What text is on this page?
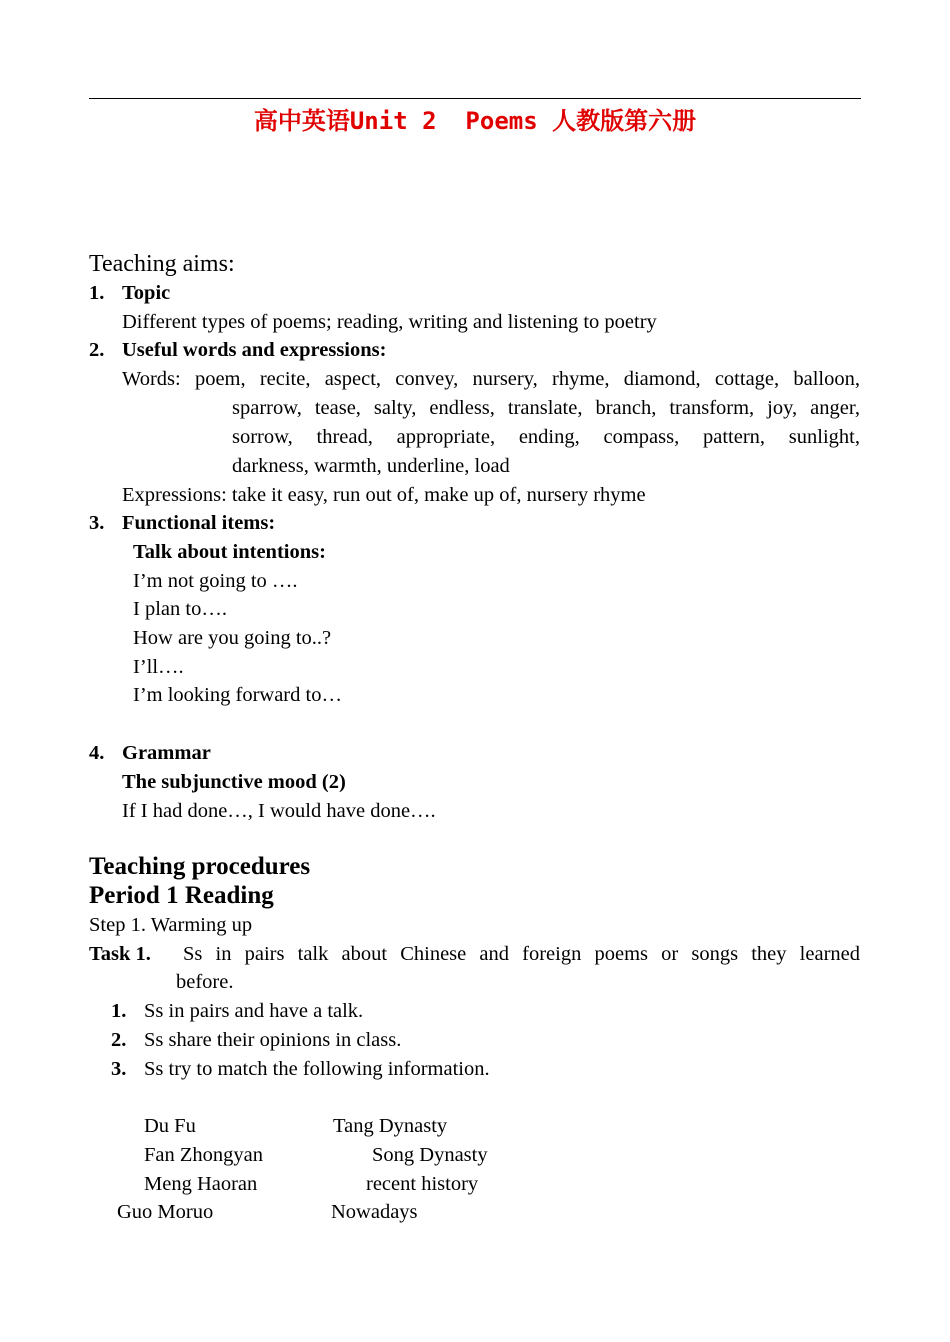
高中英语Unit 2  Poems 人教版第六册
Teaching aims:
1. Topic
Different types of poems; reading, writing and listening to poetry
2. Useful words and expressions:
Words: poem, recite, aspect, convey, nursery, rhyme, diamond, cottage, balloon,
sparrow, tease, salty, endless, translate, branch, transform, joy, anger,
sorrow, thread, appropriate, ending, compass, pattern, sunlight,
darkness, warmth, underline, load
Expressions: take it easy, run out of, make up of, nursery rhyme
3. Functional items:
Talk about intentions:
I’m not going to ….
I plan to….
How are you going to..?
I’ll….
I’m looking forward to…
4. Grammar
The subjunctive mood (2)
If I had done…, I would have done….
Teaching procedures
Period 1 Reading
Step 1. Warming up
Task 1. Ss in pairs talk about Chinese and foreign poems or songs they learned
before.
1. Ss in pairs and have a talk.
2. Ss share their opinions in class.
3. Ss try to match the following information.
Du Fu	Tang Dynasty
Fan Zhongyan	Song Dynasty
Meng Haoran	recent history
Guo Moruo	Nowadays
